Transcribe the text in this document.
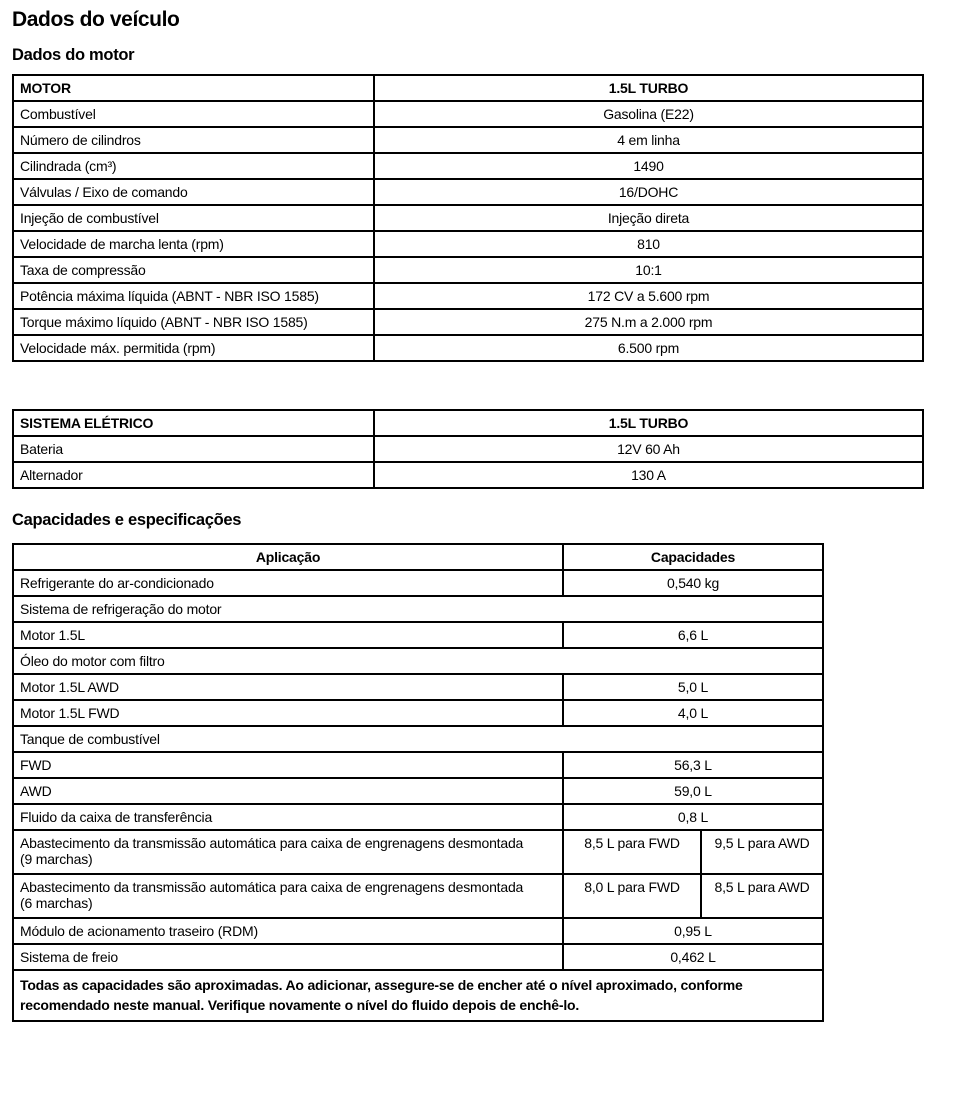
Dados do veículo
Dados do motor
MOTOR	1.5L TURBO
Combustível	Gasolina (E22)
Número de cilindros	4 em linha
Cilindrada (cm³)	1490
Válvulas / Eixo de comando	16/DOHC
Injeção de combustível	Injeção direta
Velocidade de marcha lenta (rpm)	810
Taxa de compressão	10:1
Potência máxima líquida (ABNT - NBR ISO 1585)	172 CV a 5.600 rpm
Torque máximo líquido (ABNT - NBR ISO 1585)	275 N.m a 2.000 rpm
Velocidade máx. permitida (rpm)	6.500 rpm
SISTEMA ELÉTRICO	1.5L TURBO
Bateria	12V 60 Ah
Alternador	130 A
Capacidades e especificações
Aplicação	Capacidades	
Refrigerante do ar-condicionado	0,540 kg	
Sistema de refrigeração do motor		
Motor 1.5L	6,6 L	
Óleo do motor com filtro		
Motor 1.5L AWD	5,0 L	
Motor 1.5L FWD	4,0 L	
Tanque de combustível		
FWD	56,3 L	
AWD	59,0 L	
Fluido da caixa de transferência	0,8 L	

Abastecimento da transmissão automática para caixa de engrenagens desmontada
(9 marchas)	8,5 L para FWD	9,5 L para AWD

Abastecimento da transmissão automática para caixa de engrenagens desmontada
(6 marchas)	8,0 L para FWD	8,5 L para AWD
Módulo de acionamento traseiro (RDM)	0,95 L	
Sistema de freio	0,462 L	
Todas as capacidades são aproximadas. Ao adicionar, assegure-se de encher até o nível aproximado, conforme recomendado neste manual. Verifique novamente o nível do fluido depois de enchê-lo.		
